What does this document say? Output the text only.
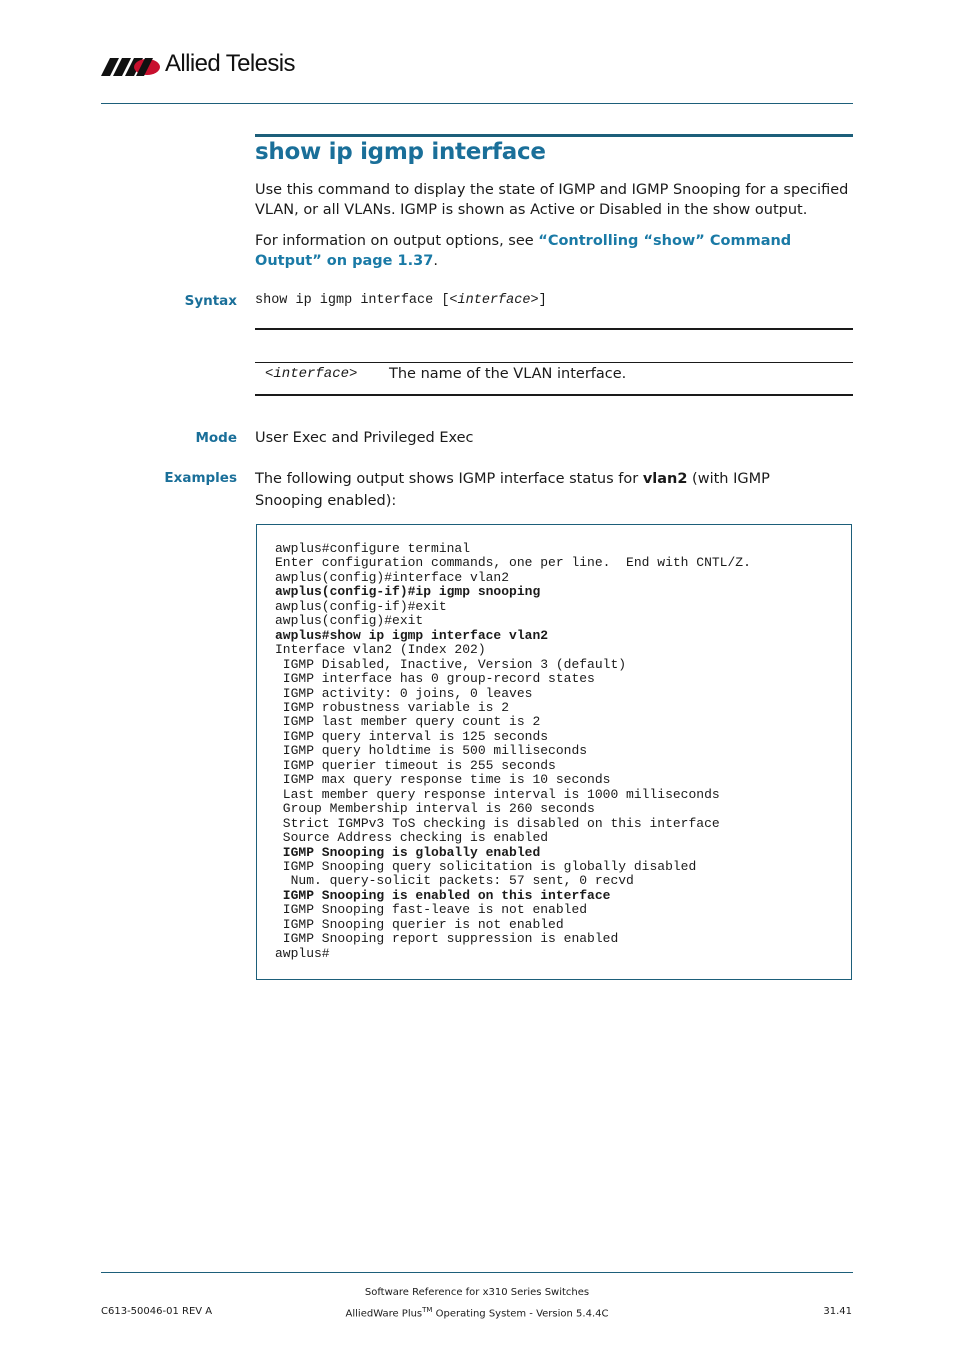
Allied Telesis
show ip igmp interface
Use this command to display the state of IGMP and IGMP Snooping for a specified VLAN, or all VLANs. IGMP is shown as Active or Disabled in the show output.
For information on output options, see “Controlling “show” Command Output” on page 1.37.
Syntax show ip igmp interface [<interface>]
<interface> The name of the VLAN interface.
Mode User Exec and Privileged Exec
Examples The following output shows IGMP interface status for vlan2 (with IGMP Snooping enabled):
awplus#configure terminal
Enter configuration commands, one per line.  End with CNTL/Z.
awplus(config)#interface vlan2
awplus(config-if)#ip igmp snooping
awplus(config-if)#exit
awplus(config)#exit
awplus#show ip igmp interface vlan2
Interface vlan2 (Index 202)
IGMP Disabled, Inactive, Version 3 (default)
IGMP interface has 0 group-record states
IGMP activity: 0 joins, 0 leaves
IGMP robustness variable is 2
IGMP last member query count is 2
IGMP query interval is 125 seconds
IGMP query holdtime is 500 milliseconds
IGMP querier timeout is 255 seconds
IGMP max query response time is 10 seconds
Last member query response interval is 1000 milliseconds
Group Membership interval is 260 seconds
Strict IGMPv3 ToS checking is disabled on this interface
Source Address checking is enabled
IGMP Snooping is globally enabled
IGMP Snooping query solicitation is globally disabled
Num. query-solicit packets: 57 sent, 0 recvd
IGMP Snooping is enabled on this interface
IGMP Snooping fast-leave is not enabled
IGMP Snooping querier is not enabled
IGMP Snooping report suppression is enabled
awplus#
C613-50046-01 REV A
Software Reference for x310 Series Switches
AlliedWare Plus™ Operating System - Version 5.4.4C	31.41
